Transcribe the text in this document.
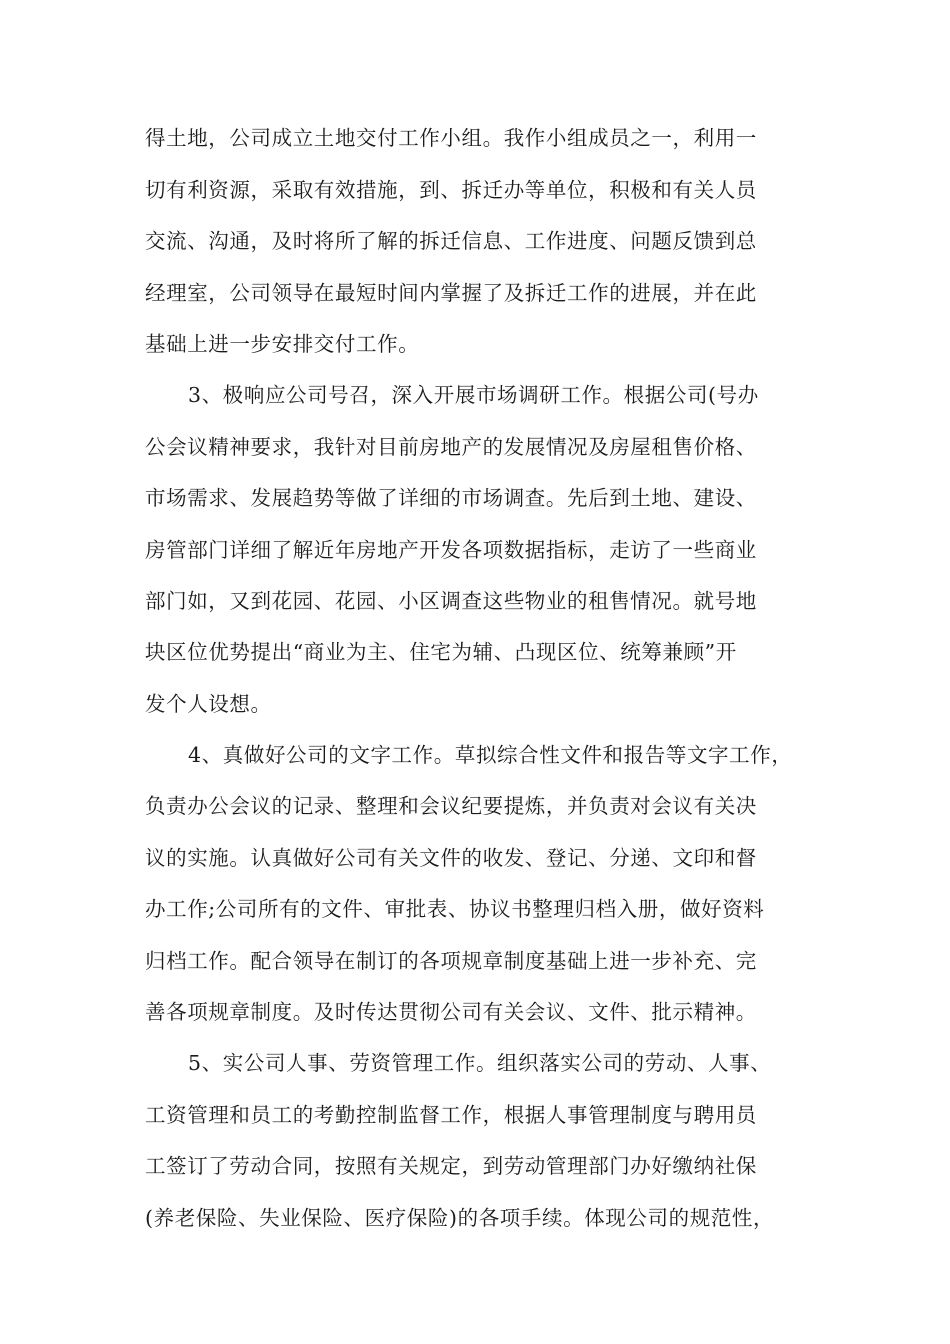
得土地，公司成立土地交付工作小组。我作小组成员之一，利用一
切有利资源，采取有效措施，到、拆迁办等单位，积极和有关人员
交流、沟通，及时将所了解的拆迁信息、工作进度、问题反馈到总
经理室，公司领导在最短时间内掌握了及拆迁工作的进展，并在此
基础上进一步安排交付工作。
3、极响应公司号召，深入开展市场调研工作。根据公司(号办
公会议精神要求，我针对目前房地产的发展情况及房屋租售价格、
市场需求、发展趋势等做了详细的市场调查。先后到土地、建设、
房管部门详细了解近年房地产开发各项数据指标，走访了一些商业
部门如，又到花园、花园、小区调查这些物业的租售情况。就号地
块区位优势提出“商业为主、住宅为辅、凸现区位、统筹兼顾”开
发个人设想。
4、真做好公司的文字工作。草拟综合性文件和报告等文字工作，
负责办公会议的记录、整理和会议纪要提炼，并负责对会议有关决
议的实施。认真做好公司有关文件的收发、登记、分递、文印和督
办工作;公司所有的文件、审批表、协议书整理归档入册，做好资料
归档工作。配合领导在制订的各项规章制度基础上进一步补充、完
善各项规章制度。及时传达贯彻公司有关会议、文件、批示精神。
5、实公司人事、劳资管理工作。组织落实公司的劳动、人事、
工资管理和员工的考勤控制监督工作，根据人事管理制度与聘用员
工签订了劳动合同，按照有关规定，到劳动管理部门办好缴纳社保
(养老保险、失业保险、医疗保险)的各项手续。体现公司的规范性，
